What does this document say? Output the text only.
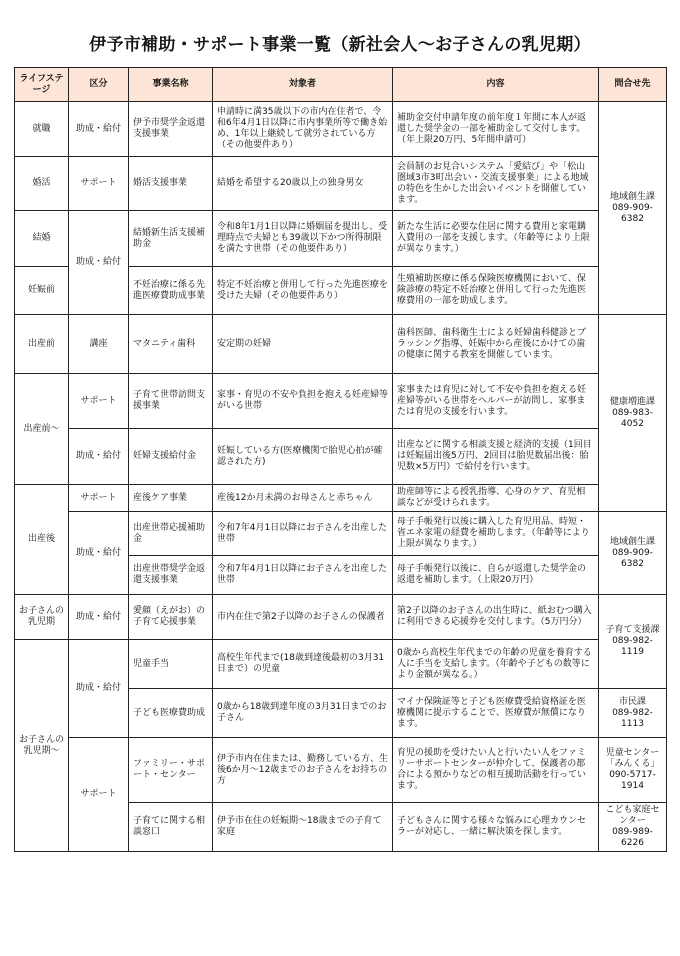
伊予市補助・サポート事業一覧（新社会人～お子さんの乳児期）
ライフステージ	区分	事業名称	対象者	内容	問合せ先
就職	助成・給付	伊予市奨学金返還支援事業	申請時に満35歳以下の市内在住者で、令和6年4月1日以降に市内事業所等で働き始め、1年以上継続して就労されている方（その他要件あり）	補助金交付申請年度の前年度１年間に本人が返還した奨学金の一部を補助金して交付します。（年上限20万円、5年間申請可）	地域創生課
089-909-6382
婚活	サポート	婚活支援事業	結婚を希望する20歳以上の独身男女	会員制のお見合いシステム「愛結び」や「松山圏域3市3町出会い・交流支援事業」による地域の特色を生かした出会いイベントを開催しています。	
結婚	助成・給付	結婚新生活支援補助金	令和8年1月1日以降に婚姻届を提出し、受理時点で夫婦とも39歳以下かつ所得制限を満たす世帯（その他要件あり）	新たな生活に必要な住居に関する費用と家電購入費用の一部を支援します。（年齢等により上限が異なります。）	
妊娠前		不妊治療に係る先進医療費助成事業	特定不妊治療と併用して行った先進医療を受けた夫婦（その他要件あり）	生殖補助医療に係る保険医療機関において、保険診療の特定不妊治療と併用して行った先進医療費用の一部を助成します。	
出産前	講座	マタニティ歯科	安定期の妊婦	歯科医師、歯科衛生士による妊婦歯科健診とブラッシング指導、妊娠中から産後にかけての歯の健康に関する教室を開催しています。	健康増進課
089-983-4052
出産前～	サポート	子育て世帯訪問支援事業	家事・育児の不安や負担を抱える妊産婦等がいる世帯	家事または育児に対して不安や負担を抱える妊産婦等がいる世帯をヘルパーが訪問し、家事または育児の支援を行います。	
	助成・給付	妊婦支援給付金	妊娠している方(医療機関で胎児心拍が確認された方)	出産などに関する相談支援と経済的支援（1回目は妊娠届出後5万円、2回目は胎児数届出後：胎児数×5万円）で給付を行います。	
出産後	サポート	産後ケア事業	産後12か月未満のお母さんと赤ちゃん	助産師等による授乳指導、心身のケア、育児相談などが受けられます。	
	助成・給付	出産世帯応援補助金	令和7年4月1日以降にお子さんを出産した世帯	母子手帳発行以後に購入した育児用品、時短・省エネ家電の経費を補助します。（年齢等により上限が異なります。）	地域創生課
089-909-6382
		出産世帯奨学金返還支援事業	令和7年4月1日以降にお子さんを出産した世帯	母子手帳発行以後に、自らが返還した奨学金の返還を補助します。（上限20万円）	
お子さんの乳児期	助成・給付	愛顔（えがお）の子育て応援事業	市内在住で第2子以降のお子さんの保護者	第2子以降のお子さんの出生時に、紙おむつ購入に利用できる応援券を交付します。（5万円分）	子育て支援課
089-982-1119
お子さんの乳児期～	助成・給付	児童手当	高校生年代まで(18歳到達後最初の3月31日まで）の児童	0歳から高校生年代までの年齢の児童を養育する人に手当を支給します。（年齢や子どもの数等により金額が異なる。）	
		子ども医療費助成	0歳から18歳到達年度の3月31日までのお子さん	マイナ保険証等と子ども医療費受給資格証を医療機関に提示することで、医療費が無償になります。	市民課
089-982-1113
	サポート	ファミリー・サポート・センター	伊予市内在住または、勤務している方、生後6か月～12歳までのお子さんをお持ちの方	育児の援助を受けたい人と行いたい人をファミリーサポートセンターが仲介して、保護者の都合による預かりなどの相互援助活動を行っています。	児童センター「みんくる」
090-5717-1914
		子育てに関する相談窓口	伊予市在住の妊娠期～18歳までの子育て家庭	子どもさんに関する様々な悩みに心理カウンセラーが対応し、一緒に解決策を探します。	こども家庭センター
089-989-6226
